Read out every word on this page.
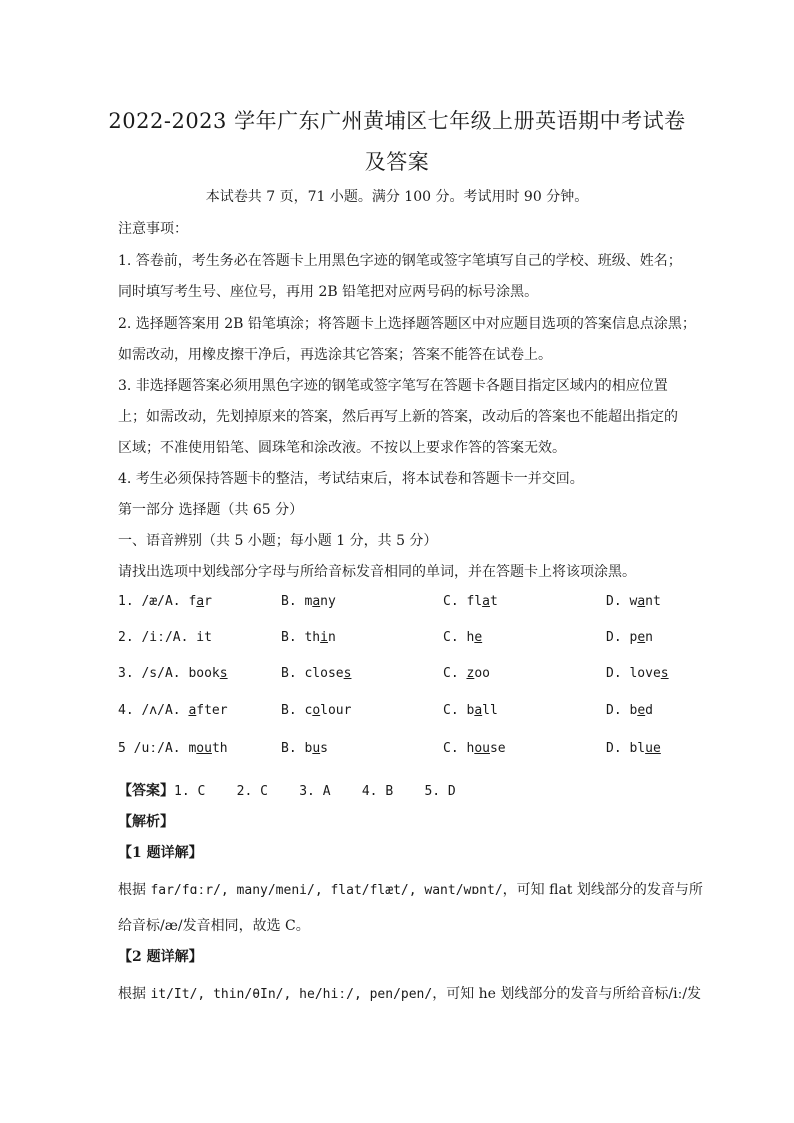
2022-2023 学年广东广州黄埔区七年级上册英语期中考试卷
及答案
本试卷共 7 页，71 小题。满分 100 分。考试用时 90 分钟。
注意事项：
1. 答卷前，考生务必在答题卡上用黑色字迹的钢笔或签字笔填写自己的学校、班级、姓名；
同时填写考生号、座位号，再用 2B 铅笔把对应两号码的标号涂黑。
2. 选择题答案用 2B 铅笔填涂；将答题卡上选择题答题区中对应题目选项的答案信息点涂黑；
如需改动，用橡皮擦干净后，再选涂其它答案；答案不能答在试卷上。
3. 非选择题答案必须用黑色字迹的钢笔或签字笔写在答题卡各题目指定区域内的相应位置
上；如需改动，先划掉原来的答案，然后再写上新的答案，改动后的答案也不能超出指定的
区域；不准使用铅笔、圆珠笔和涂改液。不按以上要求作答的答案无效。
4. 考生必须保持答题卡的整洁，考试结束后，将本试卷和答题卡一并交回。
第一部分 选择题（共 65 分）
一、语音辨别（共 5 小题；每小题 1 分，共 5 分）
请找出选项中划线部分字母与所给音标发音相同的单词，并在答题卡上将该项涂黑。
1. /æ/A. far	B. many	C. flat	D. want
2. /iː/A. it	B. thin	C. he	D. pen
3. /s/A. books	B. closes	C. zoo	D. loves
4. /ʌ/A. after	B. colour	C. ball	D. bed
5 /uː/A. mouth	B. bus	C. house	D. blue
【答案】1. C    2. C    3. A    4. B    5. D
【解析】
【1 题详解】
根据 far/fɑːr/, many/meni/, flat/flæt/, want/wɒnt/，可知 flat 划线部分的发音与所
给音标/æ/发音相同，故选 C。
【2 题详解】
根据 it/It/, thin/θIn/, he/hiː/, pen/pen/，可知 he 划线部分的发音与所给音标/iː/发
